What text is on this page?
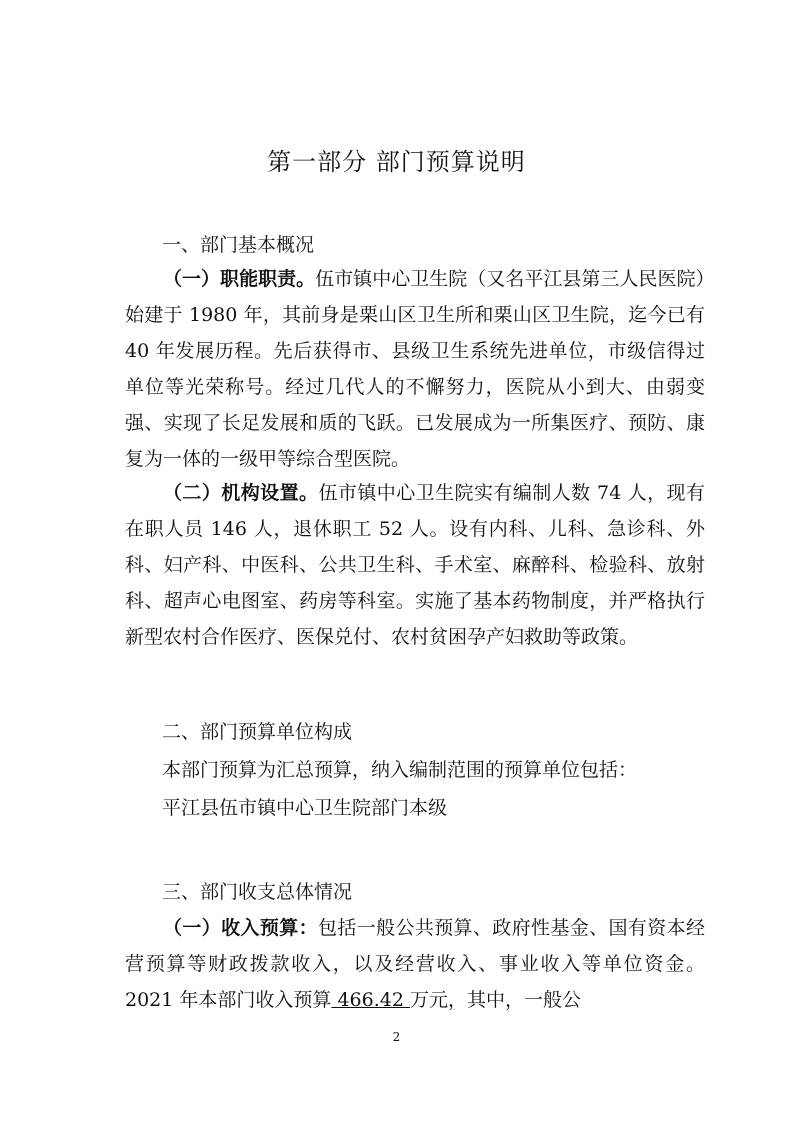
第一部分 部门预算说明
一、部门基本概况

（一）职能职责。伍市镇中心卫生院（又名平江县第三人民医院）始建于 1980 年，其前身是栗山区卫生所和栗山区卫生院，迄今已有 40 年发展历程。先后获得市、县级卫生系统先进单位，市级信得过单位等光荣称号。经过几代人的不懈努力，医院从小到大、由弱变强、实现了长足发展和质的飞跃。已发展成为一所集医疗、预防、康复为一体的一级甲等综合型医院。

（二）机构设置。伍市镇中心卫生院实有编制人数 74 人，现有在职人员 146 人，退休职工 52 人。设有内科、儿科、急诊科、外科、妇产科、中医科、公共卫生科、手术室、麻醉科、检验科、放射科、超声心电图室、药房等科室。实施了基本药物制度，并严格执行新型农村合作医疗、医保兑付、农村贫困孕产妇救助等政策。

二、部门预算单位构成

本部门预算为汇总预算，纳入编制范围的预算单位包括：

平江县伍市镇中心卫生院部门本级

三、部门收支总体情况

（一）收入预算：包括一般公共预算、政府性基金、国有资本经营预算等财政拨款收入，以及经营收入、事业收入等单位资金。2021 年本部门收入预算 466.42 万元，其中，一般公

2
